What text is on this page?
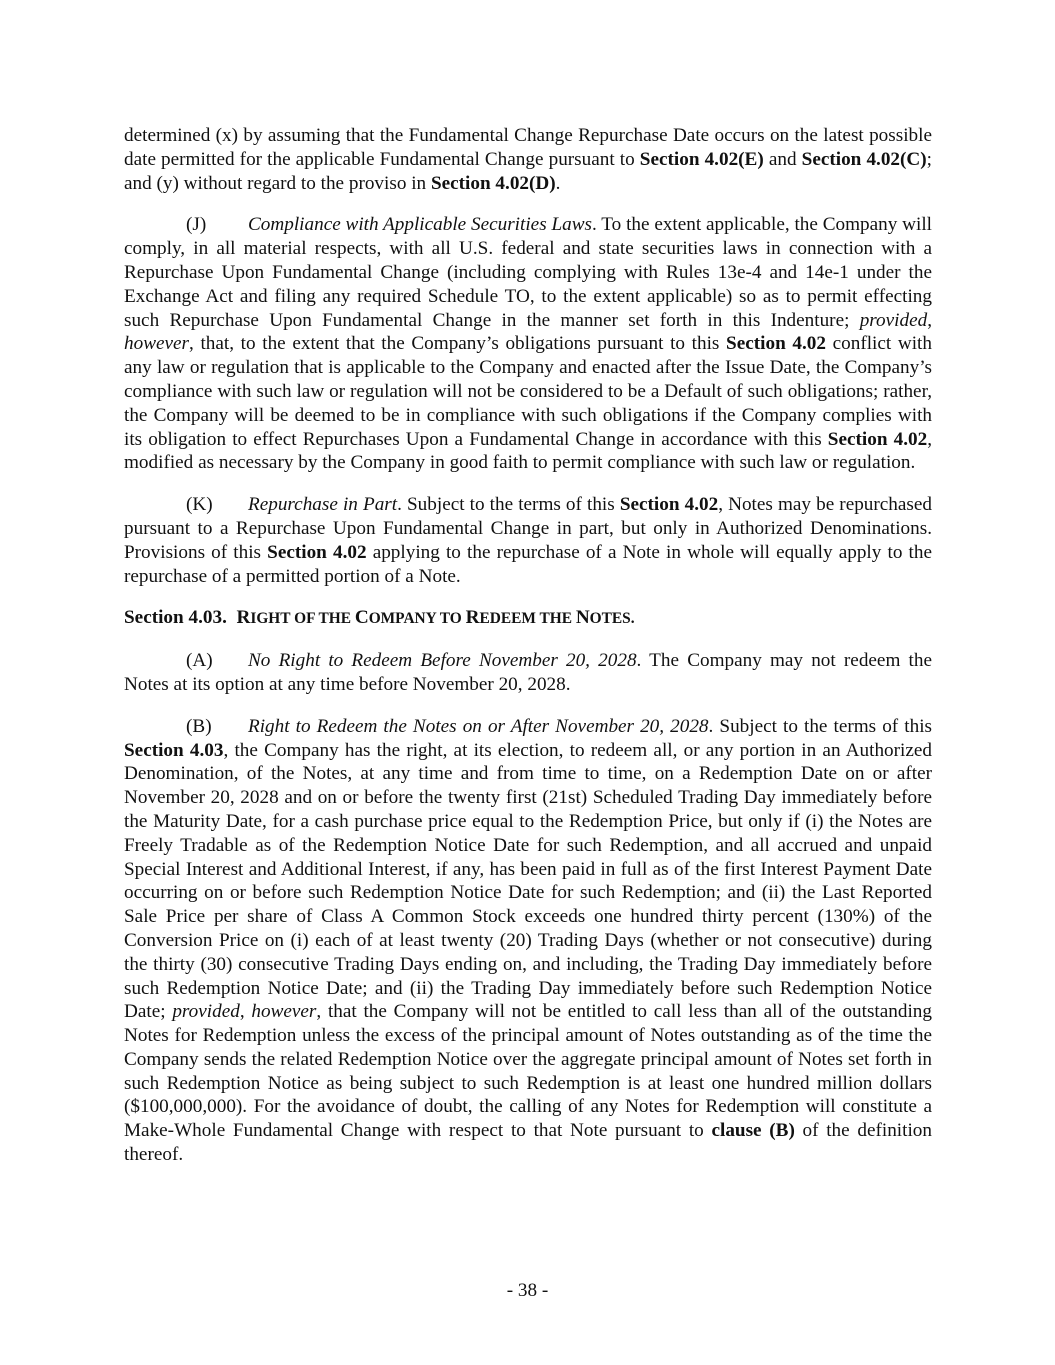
determined (x) by assuming that the Fundamental Change Repurchase Date occurs on the latest possible date permitted for the applicable Fundamental Change pursuant to Section 4.02(E) and Section 4.02(C); and (y) without regard to the proviso in Section 4.02(D).

(J) Compliance with Applicable Securities Laws. To the extent applicable, the Company will comply, in all material respects, with all U.S. federal and state securities laws in connection with a Repurchase Upon Fundamental Change (including complying with Rules 13e-4 and 14e-1 under the Exchange Act and filing any required Schedule TO, to the extent applicable) so as to permit effecting such Repurchase Upon Fundamental Change in the manner set forth in this Indenture; provided, however, that, to the extent that the Company’s obligations pursuant to this Section 4.02 conflict with any law or regulation that is applicable to the Company and enacted after the Issue Date, the Company’s compliance with such law or regulation will not be considered to be a Default of such obligations; rather, the Company will be deemed to be in compliance with such obligations if the Company complies with its obligation to effect Repurchases Upon a Fundamental Change in accordance with this Section 4.02, modified as necessary by the Company in good faith to permit compliance with such law or regulation.

(K) Repurchase in Part. Subject to the terms of this Section 4.02, Notes may be repurchased pursuant to a Repurchase Upon Fundamental Change in part, but only in Authorized Denominations. Provisions of this Section 4.02 applying to the repurchase of a Note in whole will equally apply to the repurchase of a permitted portion of a Note.

Section 4.03. RIGHT OF THE COMPANY TO REDEEM THE NOTES.

(A) No Right to Redeem Before November 20, 2028. The Company may not redeem the Notes at its option at any time before November 20, 2028.

(B) Right to Redeem the Notes on or After November 20, 2028. Subject to the terms of this Section 4.03, the Company has the right, at its election, to redeem all, or any portion in an Authorized Denomination, of the Notes, at any time and from time to time, on a Redemption Date on or after November 20, 2028 and on or before the twenty first (21st) Scheduled Trading Day immediately before the Maturity Date, for a cash purchase price equal to the Redemption Price, but only if (i) the Notes are Freely Tradable as of the Redemption Notice Date for such Redemption, and all accrued and unpaid Special Interest and Additional Interest, if any, has been paid in full as of the first Interest Payment Date occurring on or before such Redemption Notice Date for such Redemption; and (ii) the Last Reported Sale Price per share of Class A Common Stock exceeds one hundred thirty percent (130%) of the Conversion Price on (i) each of at least twenty (20) Trading Days (whether or not consecutive) during the thirty (30) consecutive Trading Days ending on, and including, the Trading Day immediately before such Redemption Notice Date; and (ii) the Trading Day immediately before such Redemption Notice Date; provided, however, that the Company will not be entitled to call less than all of the outstanding Notes for Redemption unless the excess of the principal amount of Notes outstanding as of the time the Company sends the related Redemption Notice over the aggregate principal amount of Notes set forth in such Redemption Notice as being subject to such Redemption is at least one hundred million dollars ($100,000,000). For the avoidance of doubt, the calling of any Notes for Redemption will constitute a Make-Whole Fundamental Change with respect to that Note pursuant to clause (B) of the definition thereof.

- 38 -
